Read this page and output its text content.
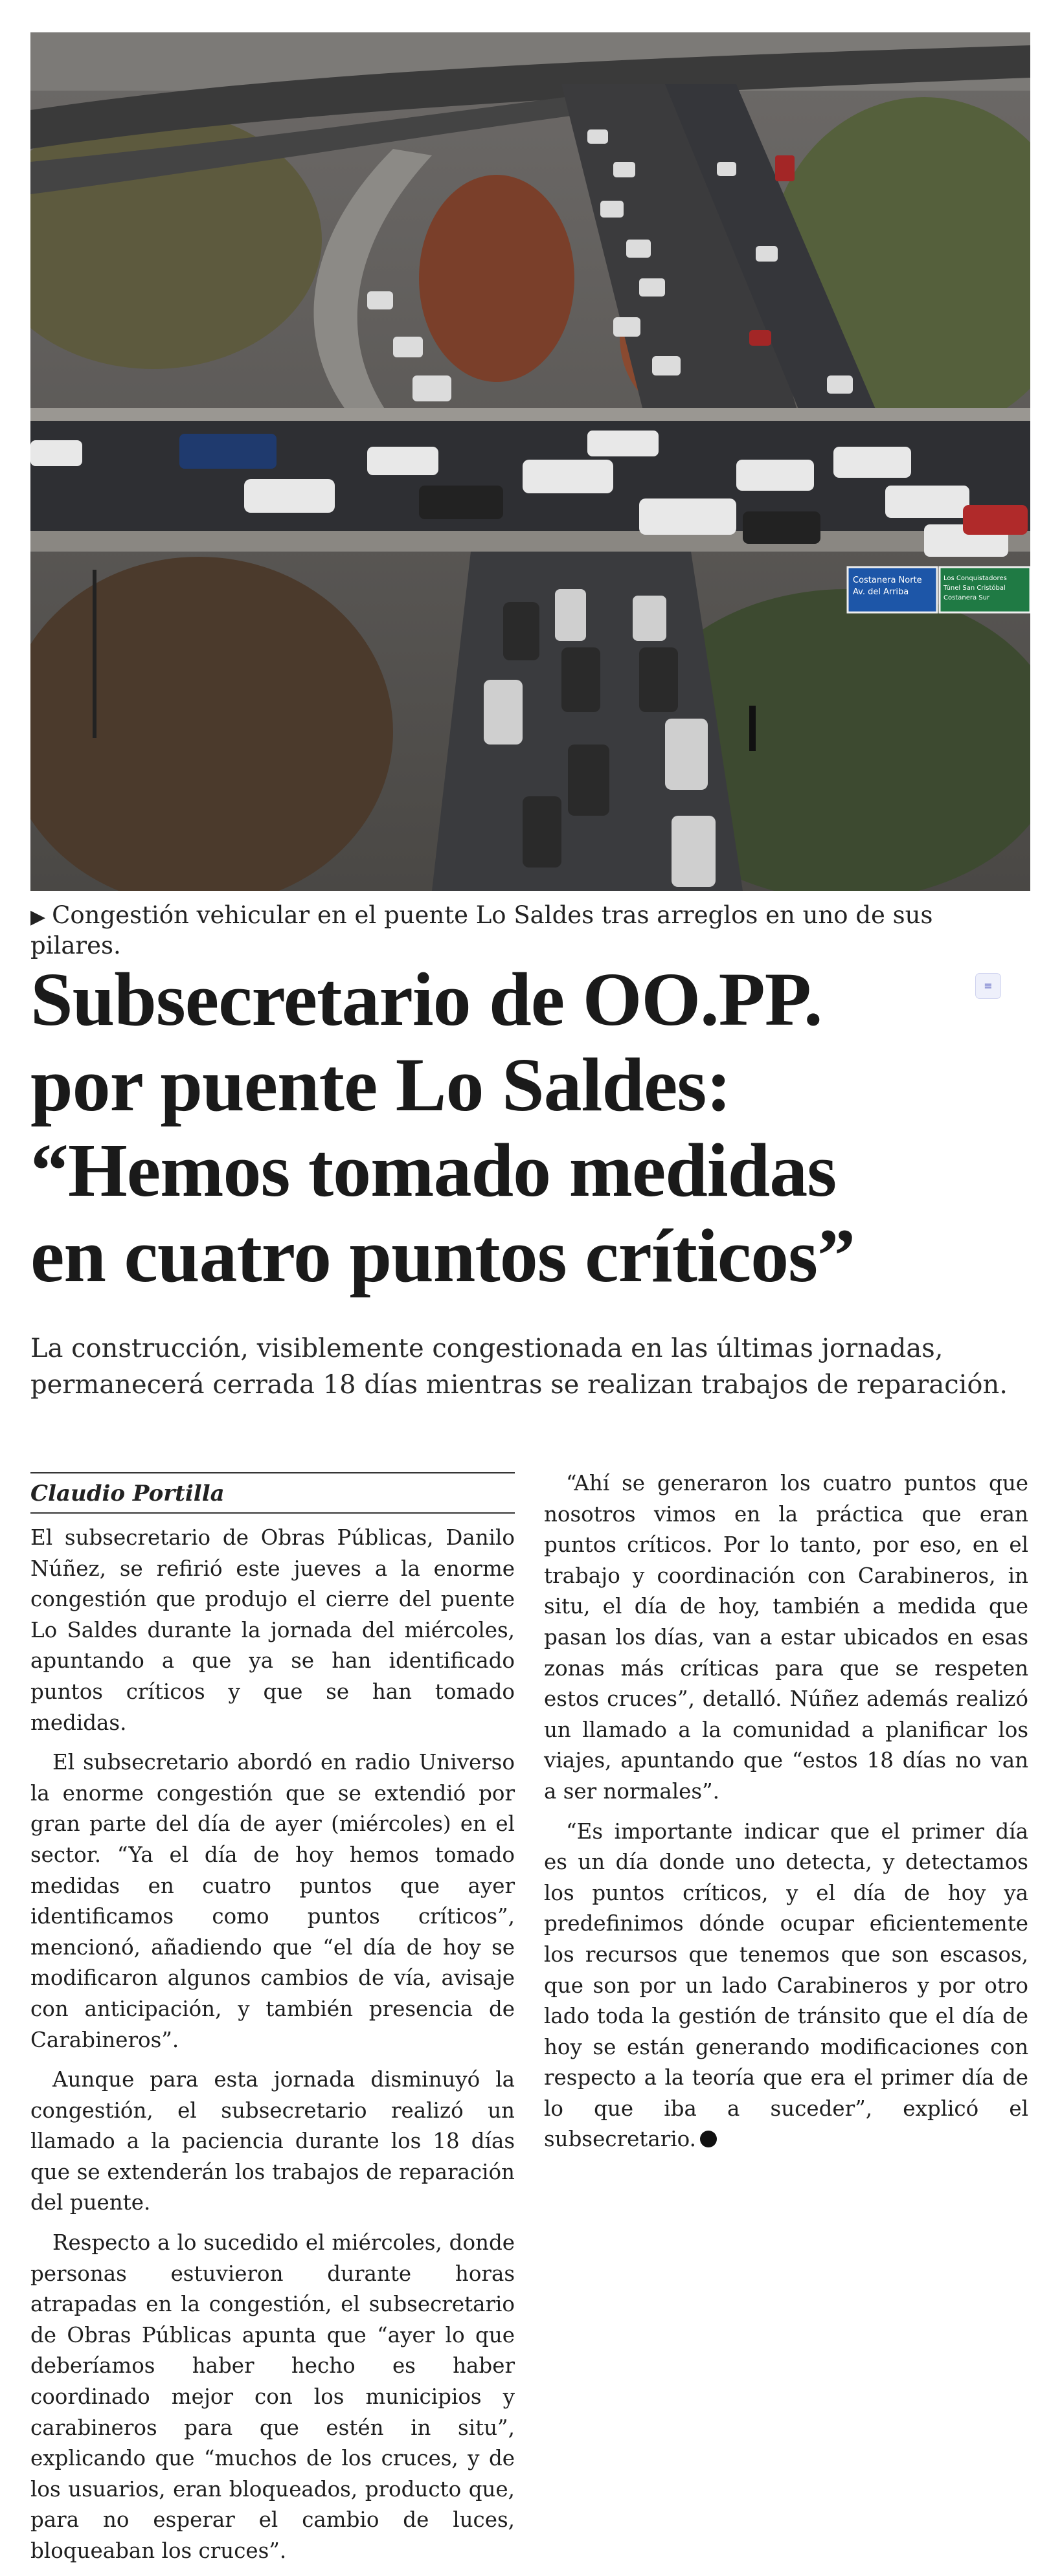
Costanera Norte
Av. del Arriba
Los Conquistadores
Túnel San Cristóbal
Costanera Sur
▶ Congestión vehicular en el puente Lo Saldes tras arreglos en uno de sus pilares.
Subsecretario de OO.PP.
por puente Lo Saldes:
“Hemos tomado medidas
en cuatro puntos críticos”
≡
La construcción, visiblemente congestionada en las últimas jornadas,
permanecerá cerrada 18 días mientras se realizan trabajos de reparación.
Claudio Portilla

El subsecretario de Obras Públicas, Danilo Núñez, se refirió este jueves a la enorme congestión que produjo el cierre del puente Lo Saldes durante la jornada del miércoles, apuntando a que ya se han identificado puntos críticos y que se han tomado medidas.

El subsecretario abordó en radio Universo la enorme congestión que se extendió por gran parte del día de ayer (miércoles) en el sector. “Ya el día de hoy hemos tomado medidas en cuatro puntos que ayer identificamos como puntos críticos”, mencionó, añadiendo que “el día de hoy se modificaron algunos cambios de vía, avisaje con anticipación, y también presencia de Carabineros”.

Aunque para esta jornada disminuyó la congestión, el subsecretario realizó un llamado a la paciencia durante los 18 días que se extenderán los trabajos de reparación del puente.

Respecto a lo sucedido el miércoles, donde personas estuvieron durante horas atrapadas en la congestión, el subsecretario de Obras Públicas apunta que “ayer lo que deberíamos haber hecho es haber coordinado mejor con los municipios y carabineros para que estén in situ”, explicando que “muchos de los cruces, y de los usuarios, eran bloqueados, producto que, para no esperar el cambio de luces, bloqueaban los cruces”.

“Ahí se generaron los cuatro puntos que nosotros vimos en la práctica que eran puntos críticos. Por lo tanto, por eso, en el trabajo y coordinación con Carabineros, in situ, el día de hoy, también a medida que pasan los días, van a estar ubicados en esas zonas más críticas para que se respeten estos cruces”, detalló. Núñez además realizó un llamado a la comunidad a planificar los viajes, apuntando que “estos 18 días no van a ser normales”.

“Es importante indicar que el primer día es un día donde uno detecta, y detectamos los puntos críticos, y el día de hoy ya predefinimos dónde ocupar eficientemente los recursos que tenemos que son escasos, que son por un lado Carabineros y por otro lado toda la gestión de tránsito que el día de hoy se están generando modificaciones con respecto a la teoría que era el primer día de lo que iba a suceder”, explicó el subsecretario.
